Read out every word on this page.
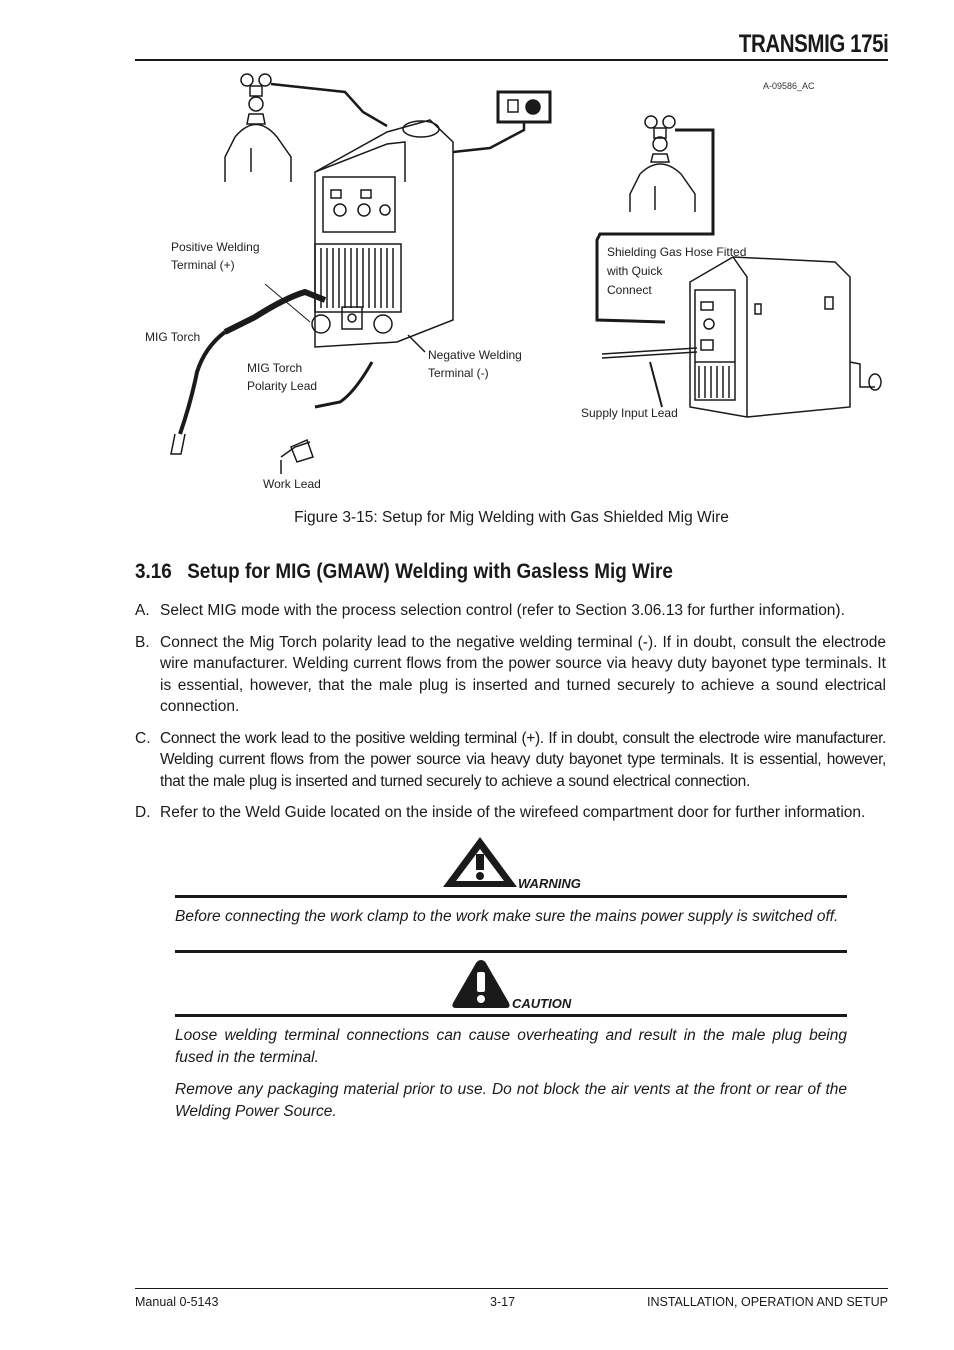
TRANSMIG 175i
A-09586_AC
Positive Welding
Terminal (+)
MIG Torch
MIG Torch
Polarity Lead
Negative Welding
Terminal (-)
Work Lead
Shielding Gas Hose Fitted
with Quick
Connect
Supply Input Lead
Figure 3-15: Setup for Mig Welding with Gas Shielded Mig Wire
3.16 Setup for MIG (GMAW) Welding with Gasless Mig Wire
A. Select MIG mode with the process selection control (refer to Section 3.06.13 for further information).
B. Connect the Mig Torch polarity lead to the negative welding terminal (-). If in doubt, consult the electrode wire manufacturer. Welding current flows from the power source via heavy duty bayonet type terminals. It is essential, however, that the male plug is inserted and turned securely to achieve a sound electrical connection.
C. Connect the work lead to the positive welding terminal (+). If in doubt, consult the electrode wire manufacturer. Welding current flows from the power source via heavy duty bayonet type terminals. It is essential, however, that the male plug is inserted and turned securely to achieve a sound electrical connection.
D. Refer to the Weld Guide located on the inside of the wirefeed compartment door for further information.
WARNING
Before connecting the work clamp to the work make sure the mains power supply is switched off.
CAUTION
Loose welding terminal connections can cause overheating and result in the male plug being fused in the terminal.
Remove any packaging material prior to use. Do not block the air vents at the front or rear of the Welding Power Source.
Manual 0-5143	3-17	INSTALLATION, OPERATION AND SETUP
